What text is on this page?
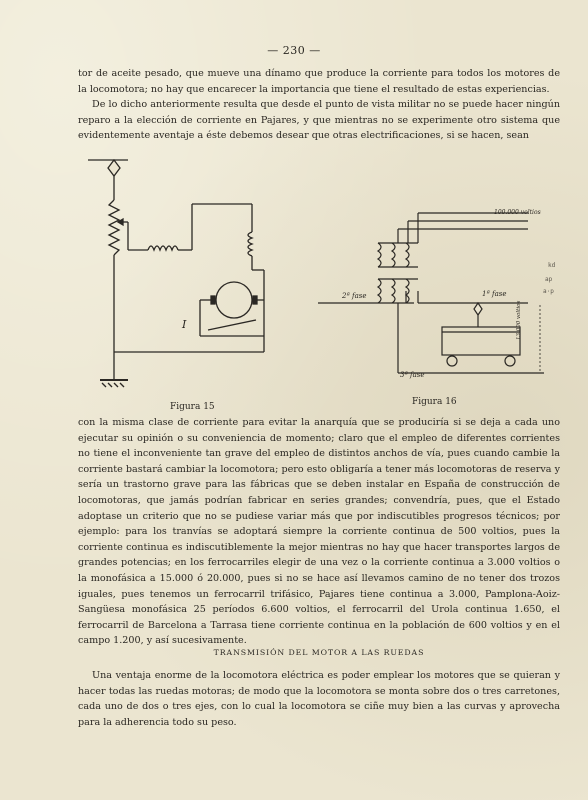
— 230 —

tor de aceite pesado, que mueve una dínamo que produce la corriente para todos los motores de la locomotora; no hay que encarecer la importancia que tiene el resultado de estas experiencias.

De lo dicho anteriormente resulta que desde el punto de vista militar no se puede hacer ningún reparo a la elección de corriente en Pajares, y que mientras no se experimente otro sistema que evidentemente aventaje a éste debemos desear que otras electrificaciones, si se hacen, sean

I
Figura 15
100.000 voltios
2ª fase	1ª fase
3ª fase
13.000 voltios
Figura 16
kd
ap
a·p

con la misma clase de corriente para evitar la anarquía que se produciría si se deja a cada uno ejecutar su opinión o su conveniencia de momento; claro que el empleo de diferentes corrientes no tiene el inconveniente tan grave del empleo de distintos anchos de vía, pues cuando cambie la corriente bastará cambiar la locomotora; pero esto obligaría a tener más locomotoras de reserva y sería un trastorno grave para las fábricas que se deben instalar en España de construcción de locomotoras, que jamás podrían fabricar en series grandes; convendría, pues, que el Estado adoptase un criterio que no se pudiese variar más que por indiscutibles progresos técnicos; por ejemplo: para los tranvías se adoptará siempre la corriente continua de 500 voltios, pues la corriente continua es indiscutiblemente la mejor mientras no hay que hacer transportes largos de grandes potencias; en los ferrocarriles elegir de una vez o la corriente continua a 3.000 voltios o la monofásica a 15.000 ó 20.000, pues si no se hace así llevamos camino de no tener dos trozos iguales, pues tenemos un ferrocarril trifásico, Pajares tiene continua a 3.000, Pamplona-Aoiz-Sangüesa monofásica 25 períodos 6.600 voltios, el ferrocarril del Urola continua 1.650, el ferrocarril de Barcelona a Tarrasa tiene corriente continua en la población de 600 voltios y en el campo 1.200, y así sucesivamente.

TRANSMISIÓN DEL MOTOR A LAS RUEDAS

Una ventaja enorme de la locomotora eléctrica es poder emplear los motores que se quieran y hacer todas las ruedas motoras; de modo que la locomotora se monta sobre dos o tres carretones, cada uno de dos o tres ejes, con lo cual la locomotora se ciñe muy bien a las curvas y aprovecha para la adherencia todo su peso.
